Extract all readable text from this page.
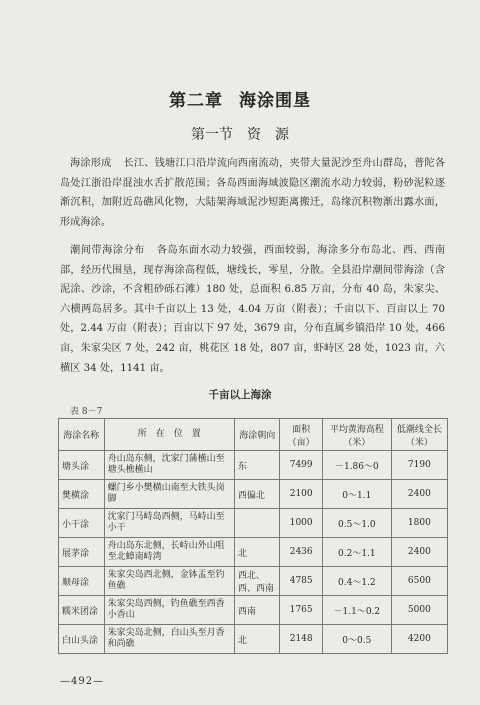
第二章 海涂围垦
第一节 资　源

海涂形成 长江、钱塘江口沿岸流向西南流动，夹带大量泥沙至舟山群岛，普陀各岛处江浙沿岸混浊水舌扩散范围；各岛西面海域波隐区潮流水动力较弱，粉砂泥粒逐渐沉积，加附近岛礁风化物，大陆架海域泥沙短距离搬迁，岛缘沉积物渐出露水面，形成海涂。

潮间带海涂分布 各岛东面水动力较强，西面较弱，海涂多分布岛北、西、西南部，经历代围垦，现存海涂高程低，塘线长，零星，分散。全县沿岸潮间带海涂（含泥涂、沙涂，不含粗砂砾石滩）180 处，总面积 6.85 万亩，分布 40 岛，朱家尖、六横两岛居多。其中千亩以上 13 处，4.04 万亩（附表）；千亩以下、百亩以上 70 处，2.44 万亩（附表）；百亩以下 97 处，3679 亩，分布直属乡镇沿岸 10 处，466 亩，朱家尖区 7 处，242 亩，桃花区 18 处，807 亩，虾峙区 28 处，1023 亩，六横区 34 处，1141 亩。

千亩以上海涂
表 8－7
海涂名称	所　在　位　置	海涂朝向	面积（亩）	平均黄海高程（米）	低潮线全长（米）
塘头涂	舟山岛东侧，沈家门蒲櫵山至塘头樵櫵山	东	7499	－1.86～0	7190
樊横涂	螺门乡小樊横山南至大铁头岗脚	西偏北	2100	0～1.1	2400
小干涂	沈家门马峙岛西侧，马峙山至小干		1000	0.5～1.0	1800
展茅涂	舟山岛东北侧，长峙山外山咀至北蟑南峙湾	北	2436	0.2～1.1	2400
顺母涂	朱家尖岛西北侧，金钵盂至钓鱼礁	西北、西、西南	4785	0.4～1.2	6500
糯米团涂	朱家尖岛西侧，钓鱼礁至西香小香山	西南	1765	－1.1～0.2	5000
白山头涂	朱家尖岛北侧，白山头至月香和尚礁	北	2148	0～0.5	4200
—492—
